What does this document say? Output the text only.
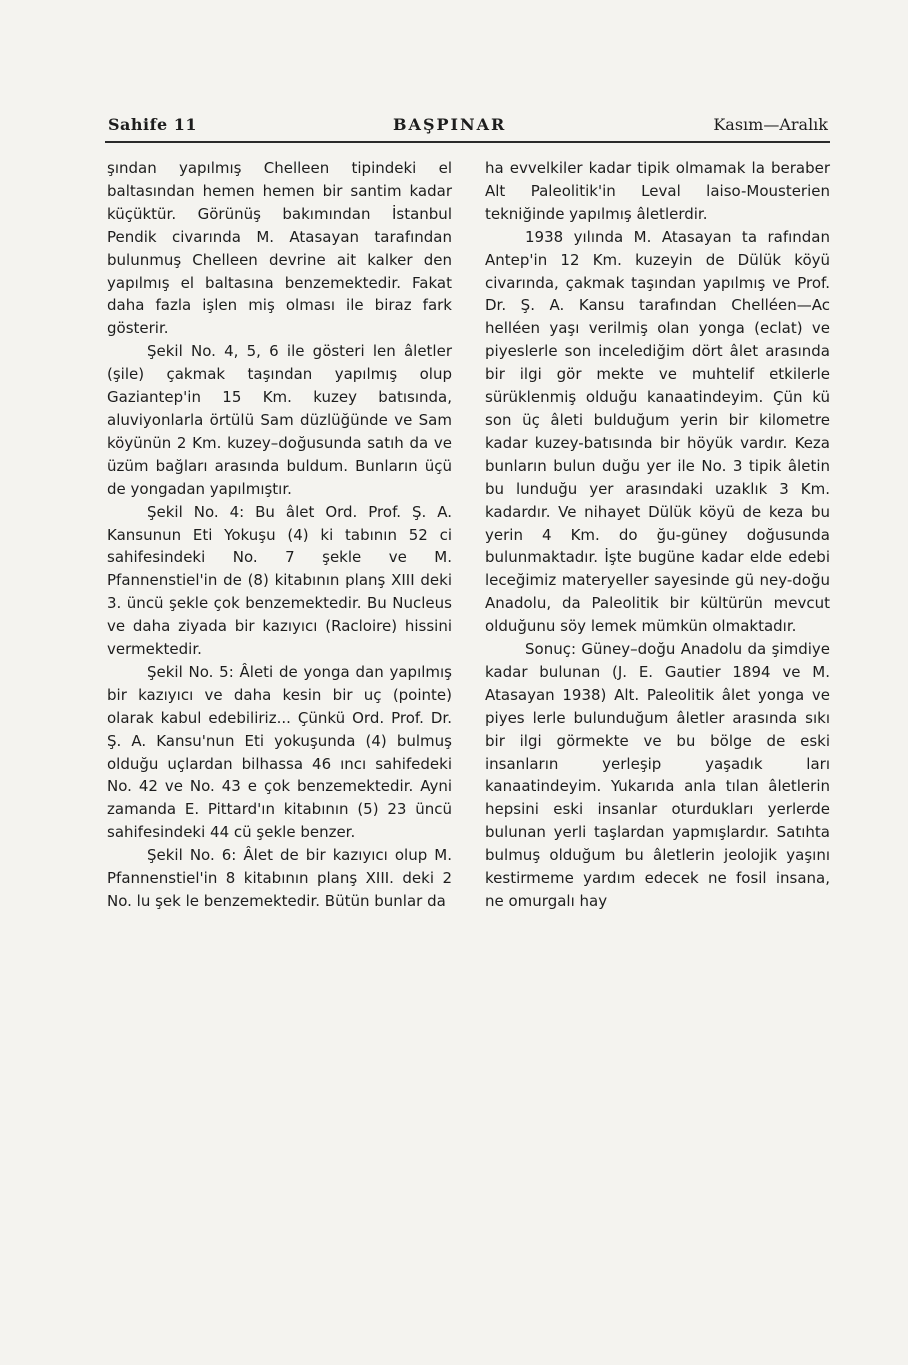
Sahife 11	BAŞPINAR	Kasım—Aralık

şından yapılmış Chelleen tipindeki el baltasından hemen hemen bir santim kadar küçüktür. Görünüş bakımından İstanbul Pendik civarında M. Atasayan tarafından bulunmuş Chelleen devrine ait kalker den yapılmış el baltasına benzemektedir. Fakat daha fazla işlen miş olması ile biraz fark gösterir.

Şekil No. 4, 5, 6 ile gösteri len âletler (şile) çakmak taşından yapılmış olup Gaziantep'in 15 Km. kuzey batısında, aluviyonlarla örtülü Sam düzlüğünde ve Sam köyünün 2 Km. kuzey–doğusunda satıh da ve üzüm bağları arasında buldum. Bunların üçü de yongadan yapılmıştır.

Şekil No. 4: Bu âlet Ord. Prof. Ş. A. Kansunun Eti Yokuşu (4) ki tabının 52 ci sahifesindeki No. 7 şekle ve M. Pfannenstiel'in de (8) kitabının planş XIII deki 3. üncü şekle çok benzemektedir. Bu Nucleus ve daha ziyada bir kazıyıcı (Racloire) hissini vermektedir.

Şekil No. 5: Âleti de yonga dan yapılmış bir kazıyıcı ve daha kesin bir uç (pointe) olarak kabul edebiliriz... Çünkü Ord. Prof. Dr. Ş. A. Kansu'nun Eti yokuşunda (4) bulmuş olduğu uçlardan bilhassa 46 ıncı sahifedeki No. 42 ve No. 43 e çok benzemektedir. Ayni zamanda E. Pittard'ın kitabının (5) 23 üncü sahifesindeki 44 cü şekle benzer.

Şekil No. 6: Âlet de bir kazıyıcı olup M. Pfannenstiel'in 8 kitabının planş XIII. deki 2 No. lu şek le benzemektedir. Bütün bunlar da

ha evvelkiler kadar tipik olmamak la beraber Alt Paleolitik'in Leval laiso-Mousterien tekniğinde yapılmış âletlerdir.

1938 yılında M. Atasayan ta rafından Antep'in 12 Km. kuzeyin de Dülük köyü civarında, çakmak taşından yapılmış ve Prof. Dr. Ş. A. Kansu tarafından Chelléen—Ac helléen yaşı verilmiş olan yonga (eclat) ve piyeslerle son incelediğim dört âlet arasında bir ilgi gör mekte ve muhtelif etkilerle sürüklenmiş olduğu kanaatindeyim. Çün kü son üç âleti bulduğum yerin bir kilometre kadar kuzey-batısında bir höyük vardır. Keza bunların bulun duğu yer ile No. 3 tipik âletin bu lunduğu yer arasındaki uzaklık 3 Km. kadardır. Ve nihayet Dülük köyü de keza bu yerin 4 Km. do ğu-güney doğusunda bulunmaktadır. İşte bugüne kadar elde edebi leceğimiz materyeller sayesinde gü ney-doğu Anadolu, da Paleolitik bir kültürün mevcut olduğunu söy lemek mümkün olmaktadır.

Sonuç: Güney–doğu Anadolu da şimdiye kadar bulunan (J. E. Gautier 1894 ve M. Atasayan 1938) Alt. Paleolitik âlet yonga ve piyes lerle bulunduğum âletler arasında sıkı bir ilgi görmekte ve bu bölge de eski insanların yerleşip yaşadık ları kanaatindeyim. Yukarıda anla tılan âletlerin hepsini eski insanlar oturdukları yerlerde bulunan yerli taşlardan yapmışlardır. Satıhta bulmuş olduğum bu âletlerin jeolojik yaşını kestirmeme yardım edecek ne fosil insana, ne omurgalı hay
